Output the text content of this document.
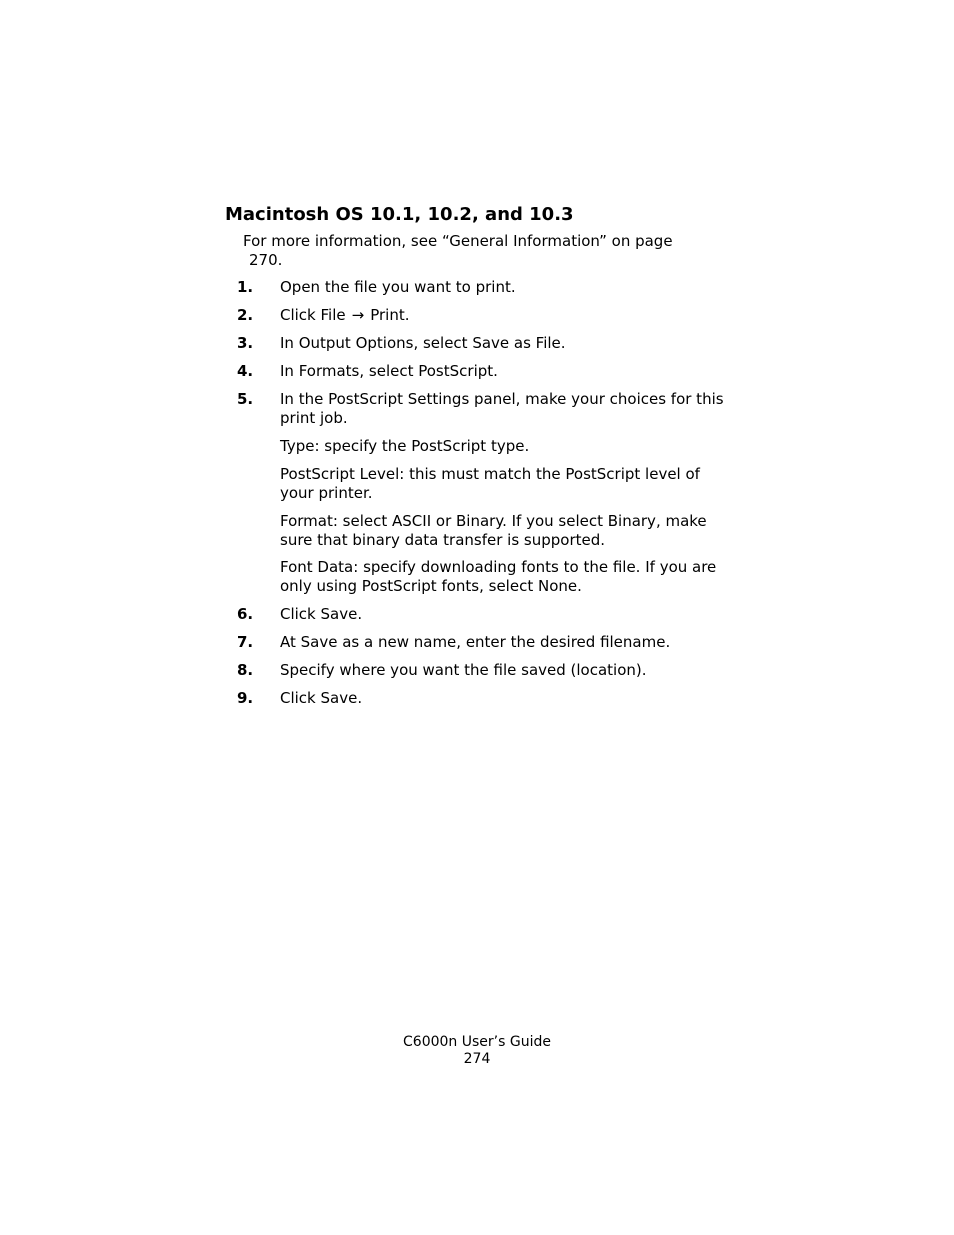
Macintosh OS 10.1, 10.2, and 10.3

For more information, see “General Information” on page
270.

1. Open the file you want to print.
2. Click File → Print.
3. In Output Options, select Save as File.
4. In Formats, select PostScript.
5. In the PostScript Settings panel, make your choices for this print job.
Type: specify the PostScript type.
PostScript Level: this must match the PostScript level of your printer.
Format: select ASCII or Binary. If you select Binary, make sure that binary data transfer is supported.
Font Data: specify downloading fonts to the file. If you are only using PostScript fonts, select None.
6. Click Save.
7. At Save as a new name, enter the desired filename.
8. Specify where you want the file saved (location).
9. Click Save.
C6000n User’s Guide
274
